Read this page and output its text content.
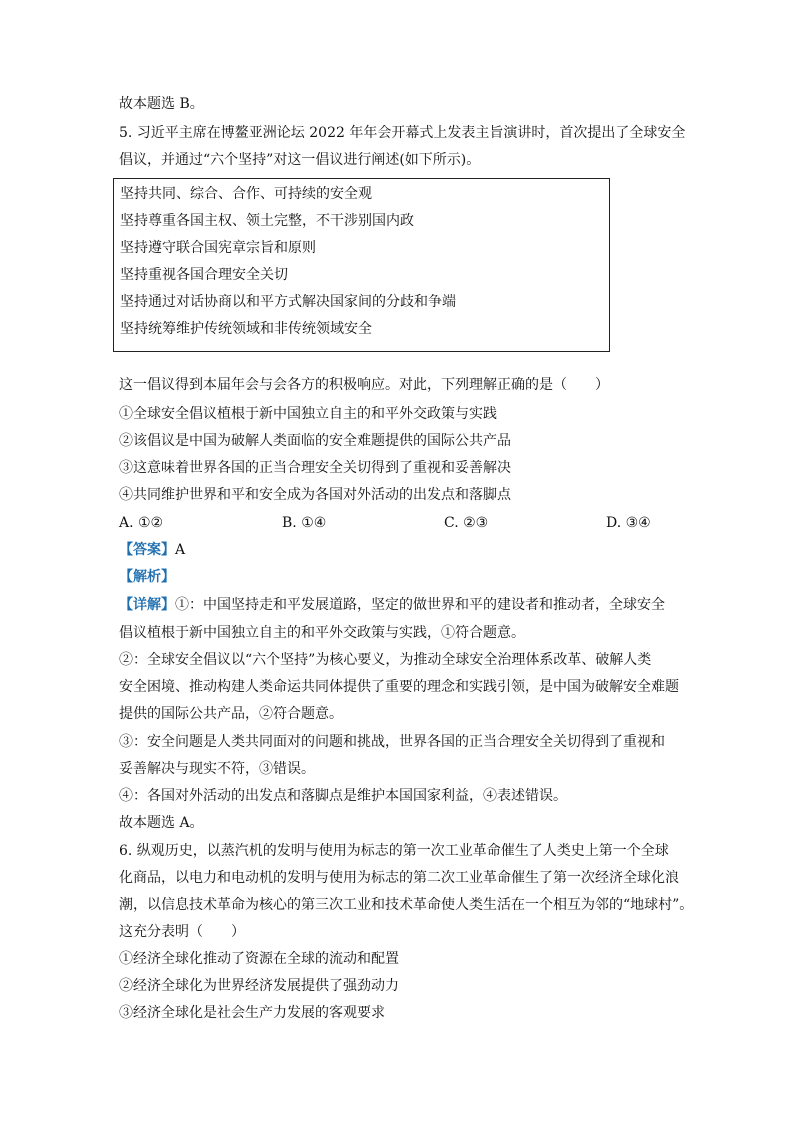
故本题选 B。
5. 习近平主席在博鳌亚洲论坛 2022 年年会开幕式上发表主旨演讲时，首次提出了全球安全
倡议，并通过“六个坚持”对这一倡议进行阐述(如下所示)。
坚持共同、综合、合作、可持续的安全观
坚持尊重各国主权、领土完整，不干涉别国内政
坚持遵守联合国宪章宗旨和原则
坚持重视各国合理安全关切
坚持通过对话协商以和平方式解决国家间的分歧和争端
坚持统筹维护传统领域和非传统领域安全
这一倡议得到本届年会与会各方的积极响应。对此，下列理解正确的是（　　）
①全球安全倡议植根于新中国独立自主的和平外交政策与实践
②该倡议是中国为破解人类面临的安全难题提供的国际公共产品
③这意味着世界各国的正当合理安全关切得到了重视和妥善解决
④共同维护世界和平和安全成为各国对外活动的出发点和落脚点
A. ①②	B. ①④	C. ②③	D. ③④
【答案】A
【解析】
【详解】①：中国坚持走和平发展道路，坚定的做世界和平的建设者和推动者，全球安全
倡议植根于新中国独立自主的和平外交政策与实践，①符合题意。
②：全球安全倡议以“六个坚持”为核心要义，为推动全球安全治理体系改革、破解人类
安全困境、推动构建人类命运共同体提供了重要的理念和实践引领，是中国为破解安全难题
提供的国际公共产品，②符合题意。
③：安全问题是人类共同面对的问题和挑战，世界各国的正当合理安全关切得到了重视和
妥善解决与现实不符，③错误。
④：各国对外活动的出发点和落脚点是维护本国国家利益，④表述错误。
故本题选 A。
6. 纵观历史，以蒸汽机的发明与使用为标志的第一次工业革命催生了人类史上第一个全球
化商品，以电力和电动机的发明与使用为标志的第二次工业革命催生了第一次经济全球化浪
潮，以信息技术革命为核心的第三次工业和技术革命使人类生活在一个相互为邻的“地球村”。
这充分表明（　　）
①经济全球化推动了资源在全球的流动和配置
②经济全球化为世界经济发展提供了强劲动力
③经济全球化是社会生产力发展的客观要求
